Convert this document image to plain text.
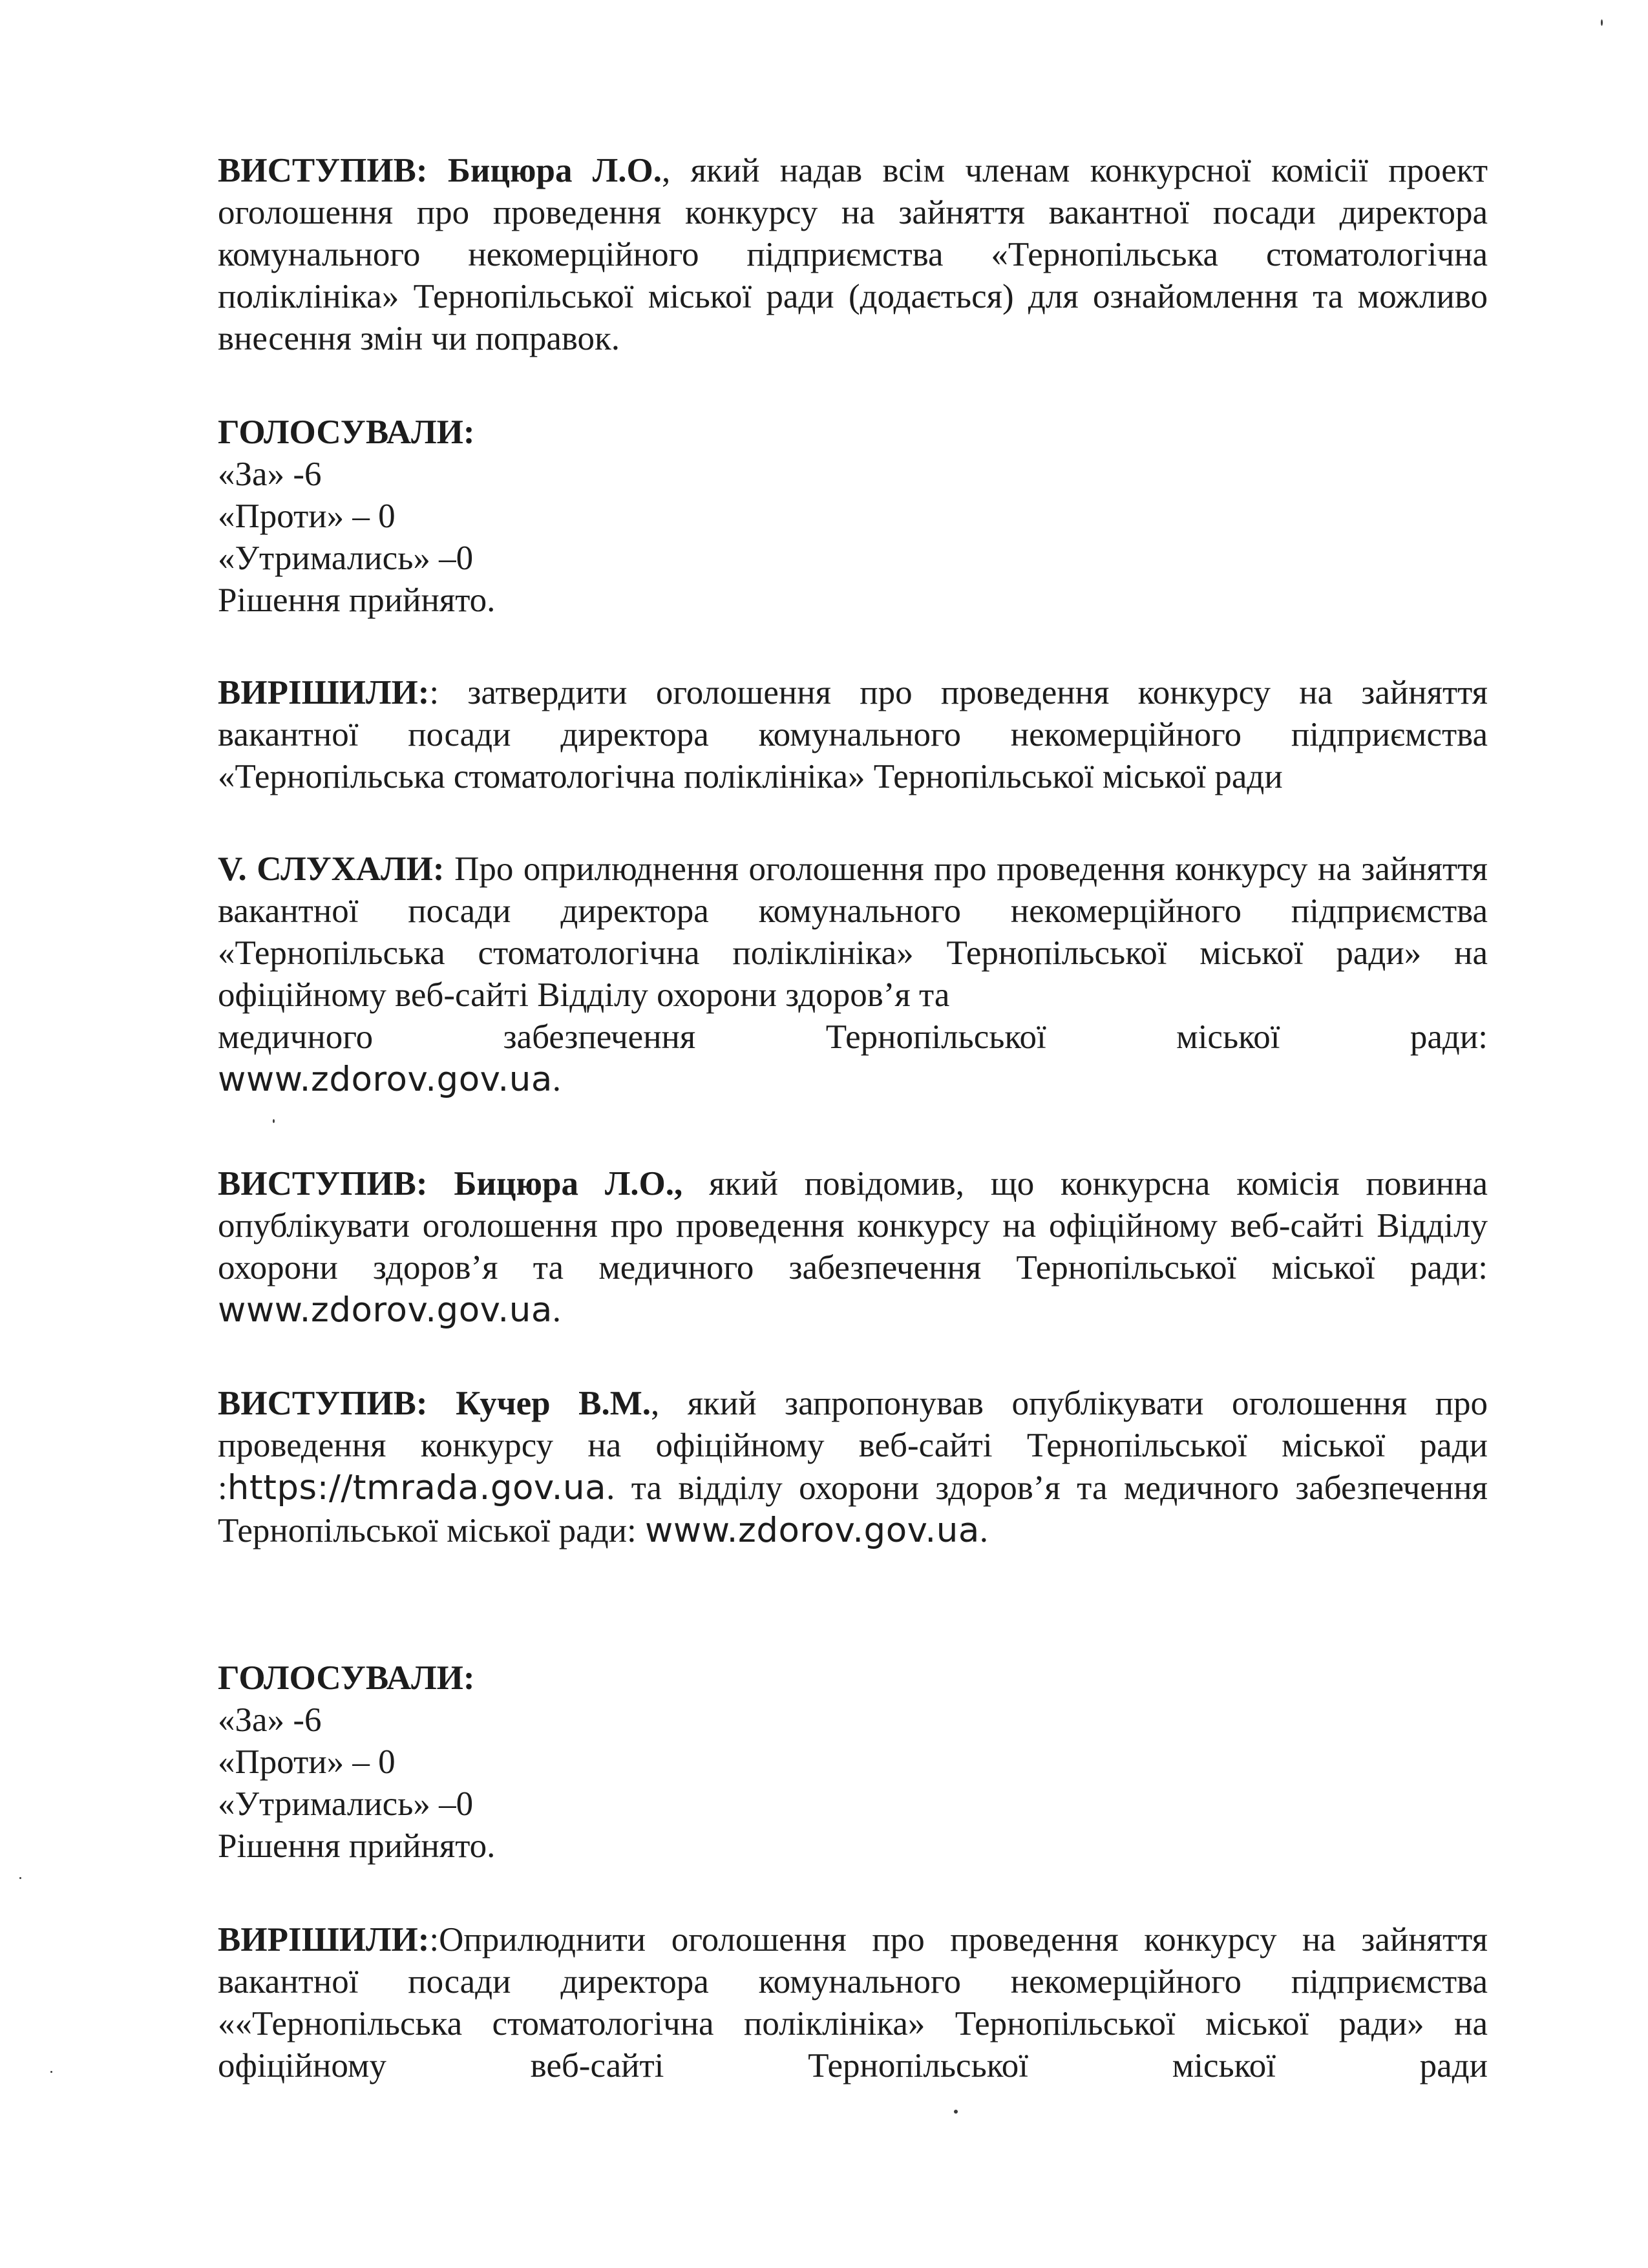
ВИСТУПИВ: Бицюра Л.О., який надав всім членам конкурсної комісії проект оголошення про проведення конкурсу на зайняття вакантної посади директора комунального некомерційного підприємства «Тернопільська стоматологічна поліклініка» Тернопільської міської ради (додається) для ознайомлення та можливо внесення змін чи поправок.

ГОЛОСУВАЛИ:

«За» -6
«Проти» – 0
«Утримались» –0
Рішення прийнято.

ВИРІШИЛИ:: затвердити оголошення про проведення конкурсу на зайняття вакантної посади директора комунального некомерційного підприємства «Тернопільська стоматологічна поліклініка» Тернопільської міської ради

V. СЛУХАЛИ: Про оприлюднення оголошення про проведення конкурсу на зайняття вакантної посади директора комунального некомерційного підприємства «Тернопільська стоматологічна поліклініка» Тернопільської міської ради» на офіційному веб-сайті Відділу охорони здоров’я та

медичного	забезпечення	Тернопільської	міської	ради:

www.zdorov.gov.ua.

ВИСТУПИВ: Бицюра Л.О., який повідомив, що конкурсна комісія повинна опублікувати оголошення про проведення конкурсу на офіційному веб-сайті Відділу охорони здоров’я та медичного забезпечення Тернопільської міської ради: www.zdorov.gov.ua.

ВИСТУПИВ: Кучер В.М., який запропонував опублікувати оголошення про проведення конкурсу на офіційному веб-сайті Тернопільської міської ради :https://tmrada.gov.ua. та відділу охорони здоров’я та медичного забезпечення Тернопільської міської ради: www.zdorov.gov.ua.

ГОЛОСУВАЛИ:

«За» -6
«Проти» – 0
«Утримались» –0
Рішення прийнято.

ВИРІШИЛИ::Оприлюднити оголошення про проведення конкурсу на зайняття вакантної посади директора комунального некомерційного підприємства ««Тернопільська стоматологічна поліклініка» Тернопільської міської ради» на офіційному веб-сайті Тернопільської міської ради
